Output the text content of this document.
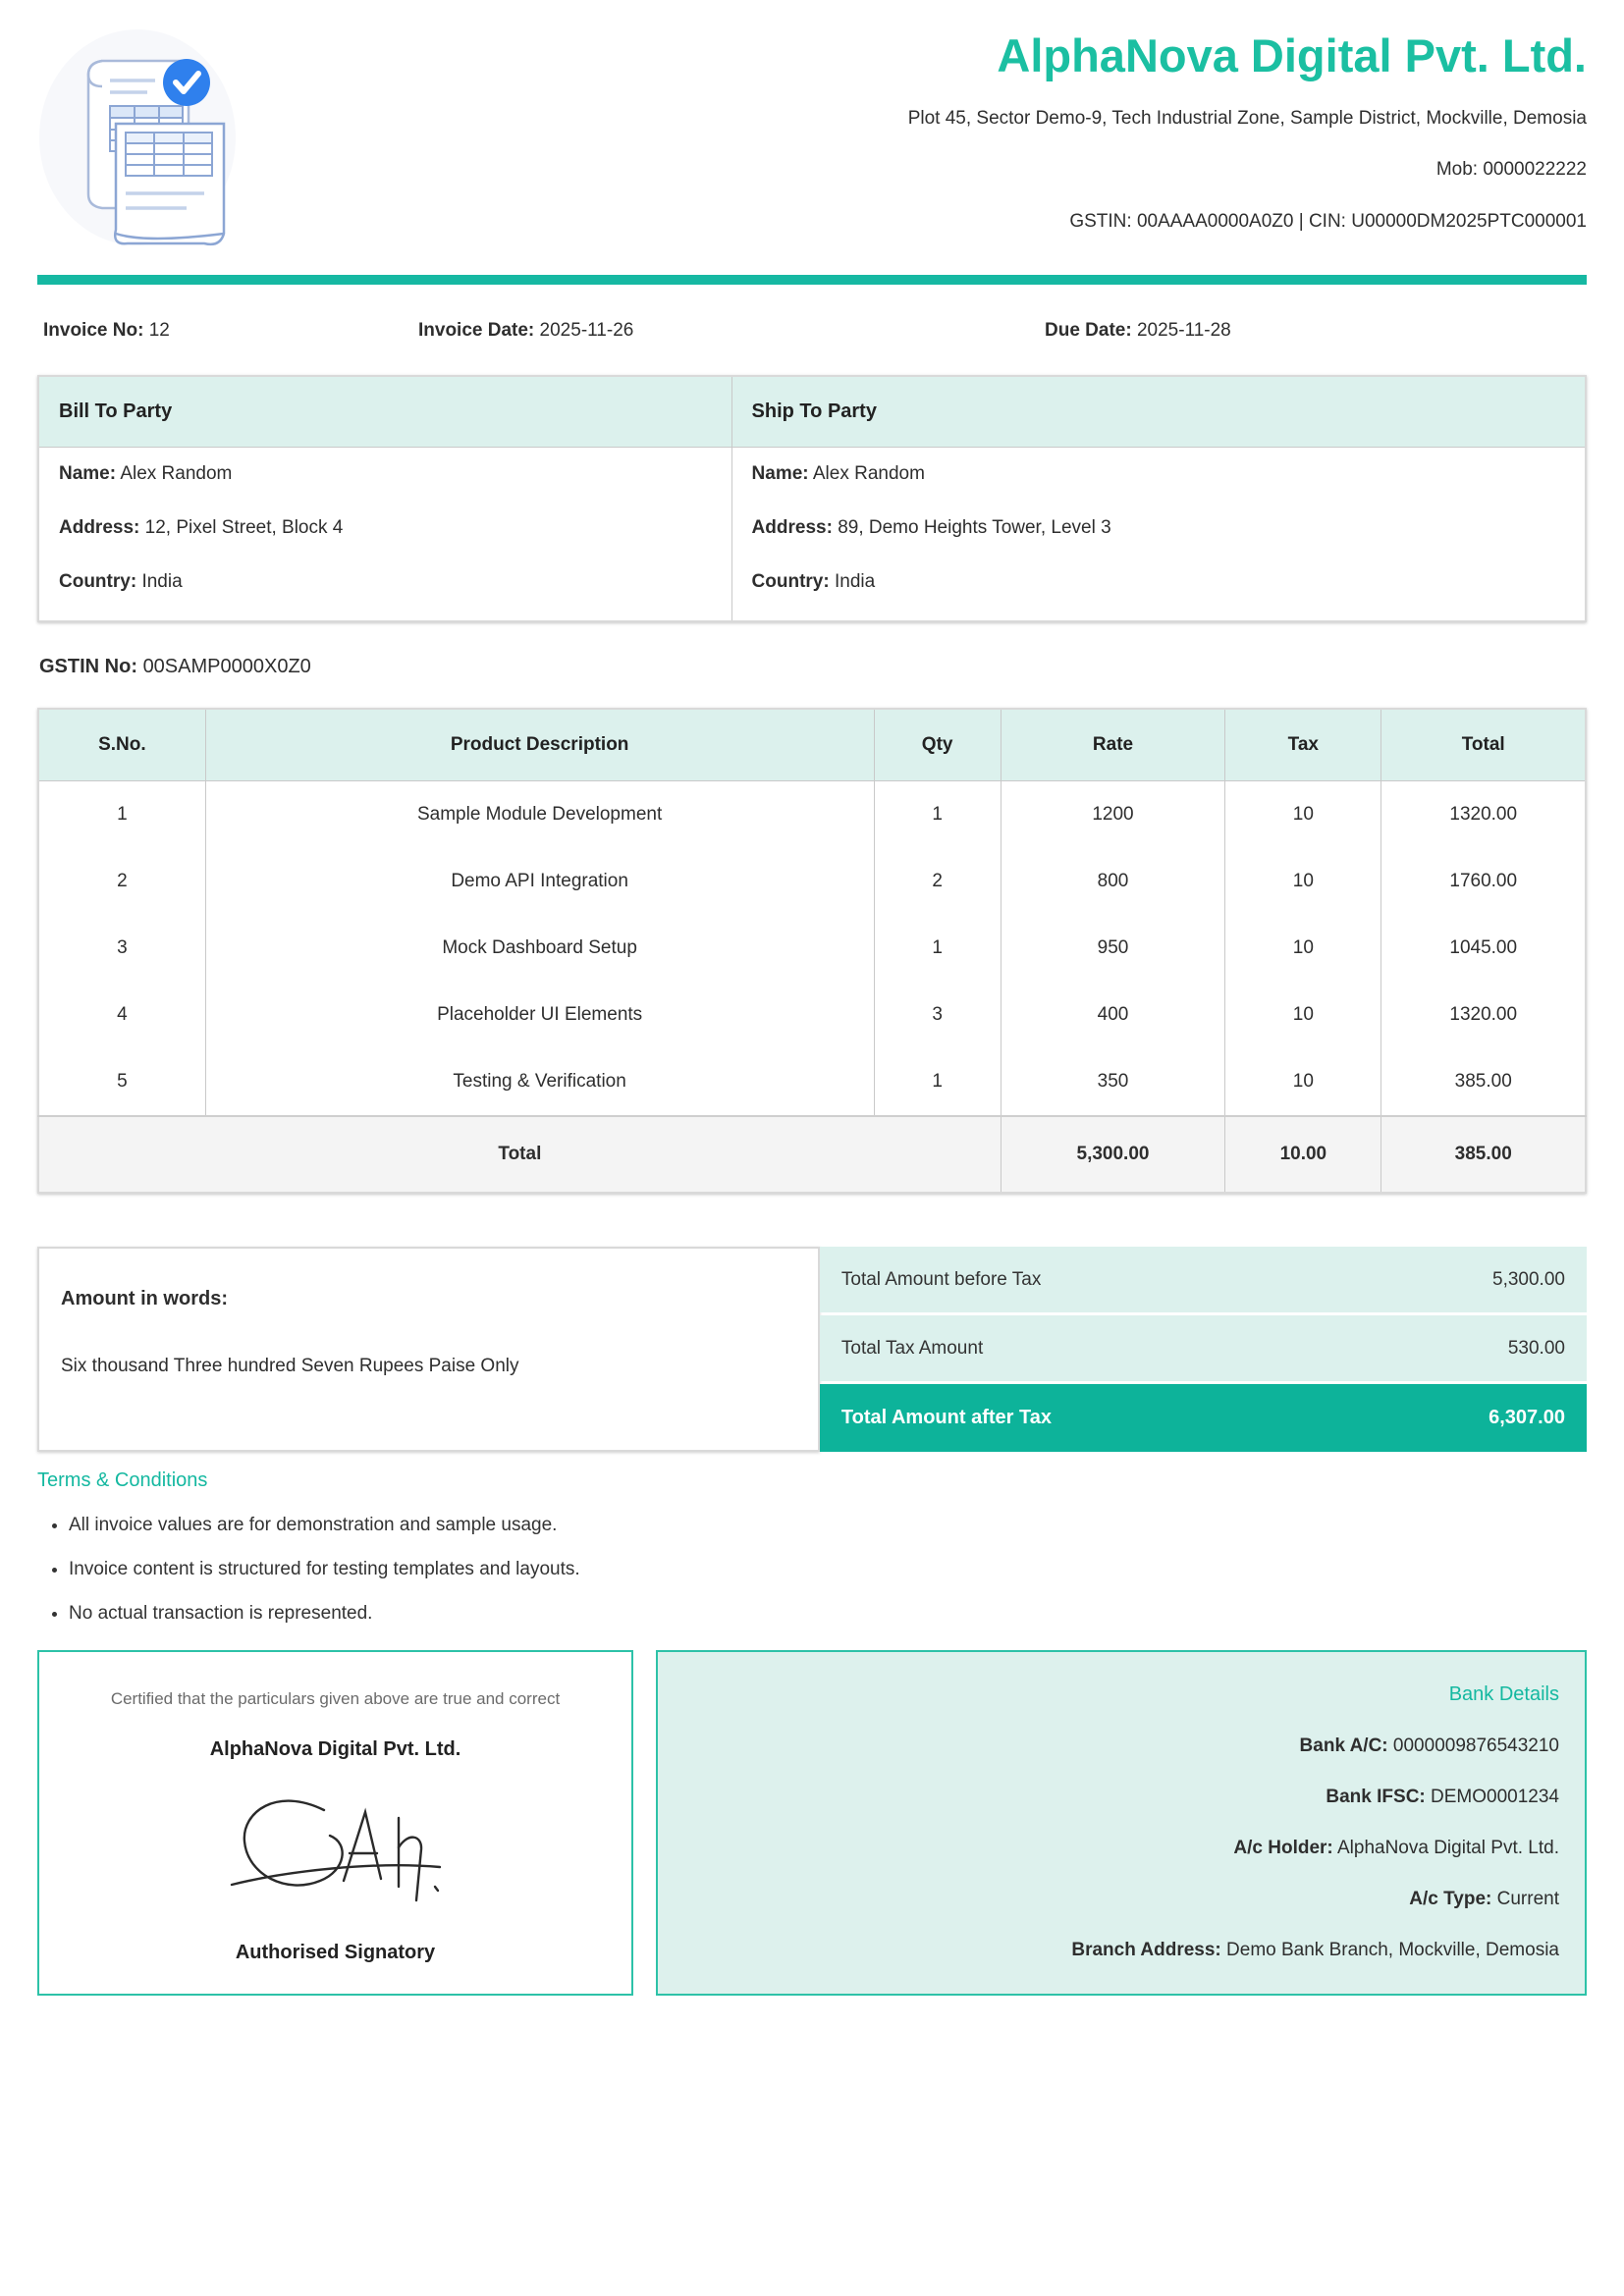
AlphaNova Digital Pvt. Ltd.

Plot 45, Sector Demo-9, Tech Industrial Zone, Sample District, Mockville, Demosia

Mob: 0000022222

GSTIN: 00AAAA0000A0Z0 | CIN: U00000DM2025PTC000001

Invoice No: 12	Invoice Date: 2025-11-26	Due Date: 2025-11-28
Bill To Party	Ship To Party

Name: Alex Random

Address: 12, Pixel Street, Block 4

Country: India

Name: Alex Random

Address: 89, Demo Heights Tower, Level 3

Country: India

GSTIN No: 00SAMP0000X0Z0

S.No.	Product Description	Qty	Rate	Tax	Total
1	Sample Module Development	1	1200	10	1320.00
2	Demo API Integration	2	800	10	1760.00
3	Mock Dashboard Setup	1	950	10	1045.00
4	Placeholder UI Elements	3	400	10	1320.00
5	Testing & Verification	1	350	10	385.00
Total			5,300.00	10.00	385.00

Amount in words:

Six thousand Three hundred Seven Rupees Paise Only

Total Amount before Tax	5,300.00
Total Tax Amount	530.00
Total Amount after Tax	6,307.00
Terms & Conditions
• All invoice values are for demonstration and sample usage.
• Invoice content is structured for testing templates and layouts.
• No actual transaction is represented.

Certified that the particulars given above are true and correct

AlphaNova Digital Pvt. Ltd.

Authorised Signatory

Bank Details

Bank A/C: 0000009876543210

Bank IFSC: DEMO0001234

A/c Holder: AlphaNova Digital Pvt. Ltd.

A/c Type: Current

Branch Address: Demo Bank Branch, Mockville, Demosia
